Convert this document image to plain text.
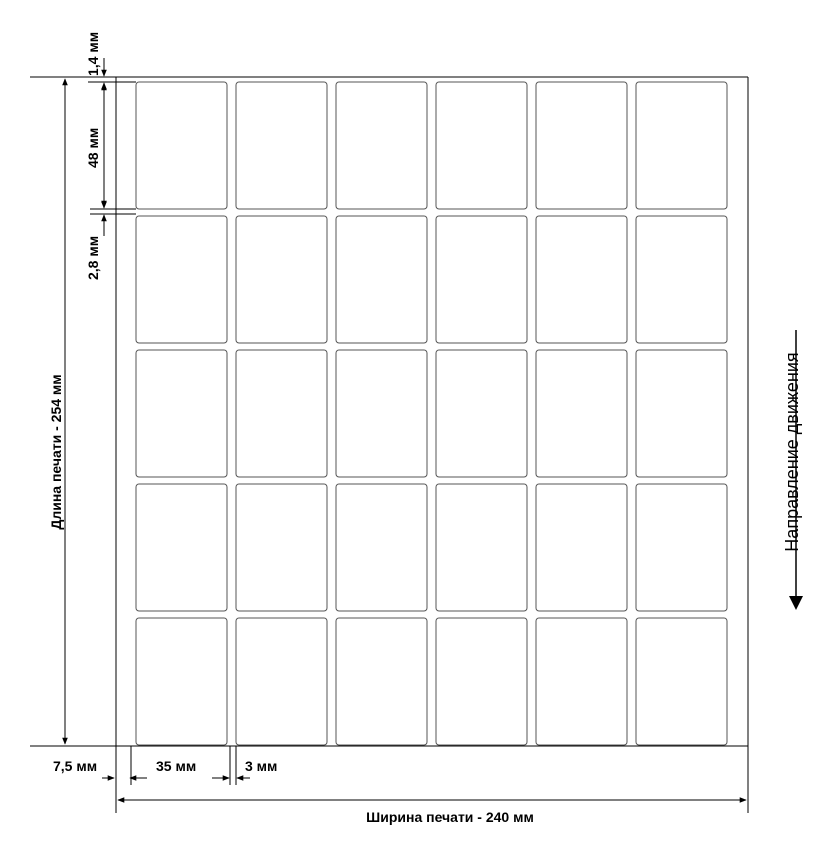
1,4 мм
48 мм
2,8 мм
Длина печати - 254 мм
7,5 мм	35 мм	3 мм
Ширина печати - 240 мм
Направление движения
